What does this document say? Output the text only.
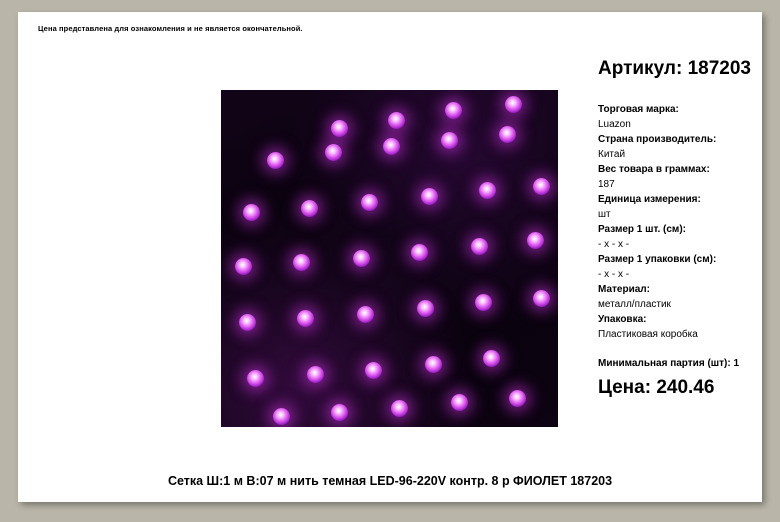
Цена представлена для ознакомления и не является окончательной.
Сетка Ш:1 м В:07 м нить темная LED-96-220V контр. 8 р ФИОЛЕТ 187203
Артикул: 187203
Торговая марка:
Luazon
Страна производитель:
Китай
Вес товара в граммах:
187
Единица измерения:
шт
Размер 1 шт. (см):
- x - x -
Размер 1 упаковки (см):
- x - x -
Материал:
металл/пластик
Упаковка:
Пластиковая коробка
Минимальная партия (шт): 1
Цена: 240.46
